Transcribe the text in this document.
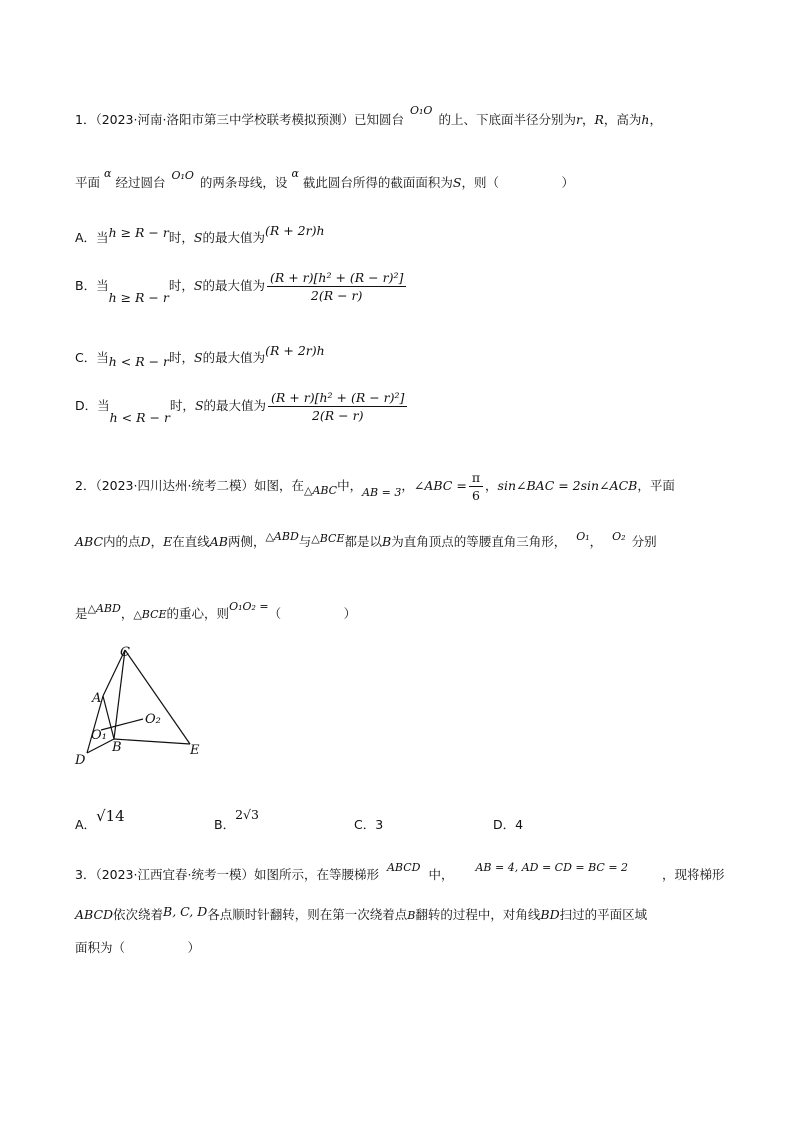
1．（2023·河南·洛阳市第三中学校联考模拟预测）已知圆台O₁O的上、下底面半径分别为r，R，高为h，
平面α经过圆台 O₁O 的两条母线，设α截此圆台所得的截面面积为S，则（　　　　　）
A．当h ≥ R − r时，S的最大值为(R + 2r)h
B．当h ≥ R − r时，S的最大值为 $\frac{\text{(R + r)[h² + (R − r)²]}}{2(R - r)}$
C．当h < R − r时，S的最大值为(R + 2r)h
D．当h < R − r时，S的最大值为 $\frac{\text{(R + r)[h² + (R − r)²]}}{2(R - r)}$
2．（2023·四川达州·统考二模）如图，在△ABC中，AB = 3，∠ABC = $\frac{\pi}{6}$ ，sin∠BAC = 2sin∠ACB，平面
ABC内的点D，E在直线AB两侧，△ABD与△BCE都是以B为直角顶点的等腰直角三角形， O₁， O₂ 分别
是△ABD，△BCE的重心，则O₁O₂ =（　　　　　）
C
A
O₁
O₂
B
D
E
A．√14	B．2√3
C．3	D．4
3．（2023·江西宜春·统考一模）如图所示，在等腰梯形 ABCD 中， AB = 4, AD = CD = BC = 2	，现将梯形
ABCD依次绕着B, C, D各点顺时针翻转，则在第一次绕着点B翻转的过程中，对角线BD扫过的平面区域
面积为（　　　　　）
